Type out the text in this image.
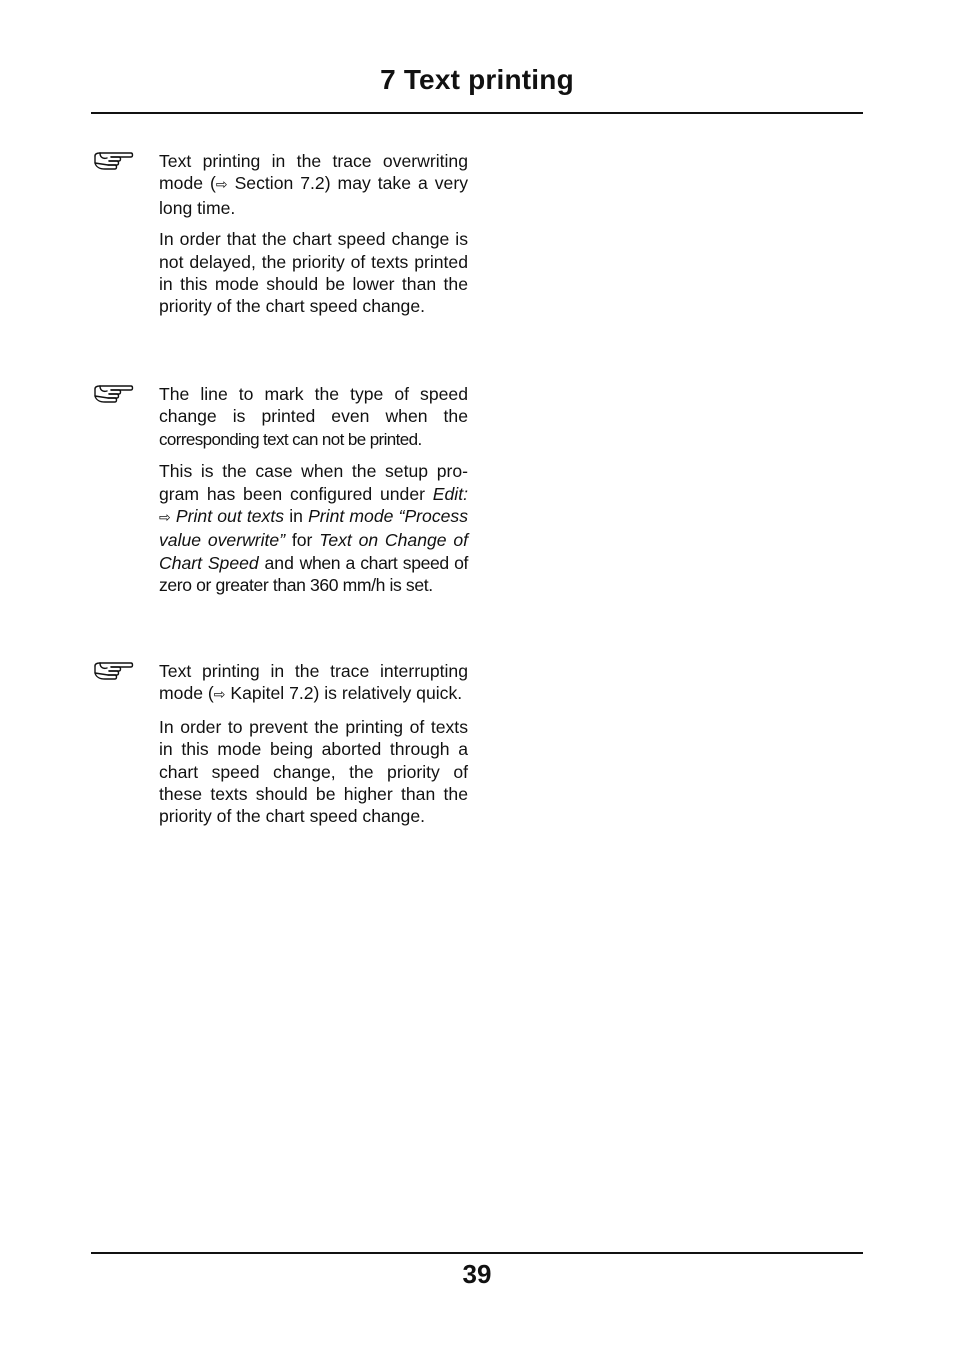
7 Text printing

Text printing in the trace overwriting mode (⇨ Section 7.2) may take a very long time.

In order that the chart speed change is not delayed, the priority of texts printed in this mode should be lower than the priority of the chart speed change.

The line to mark the type of speed change is printed even when the corresponding text can not be printed.

This is the case when the setup program has been configured under Edit: ⇨ Print out texts in Print mode “Process value overwrite” for Text on Change of Chart Speed and when a chart speed of zero or greater than 360 mm/h is set.

Text printing in the trace interrupting mode (⇨ Kapitel 7.2) is relatively quick.

In order to prevent the printing of texts in this mode being aborted through a chart speed change, the priority of these texts should be higher than the priority of the chart speed change.

39
